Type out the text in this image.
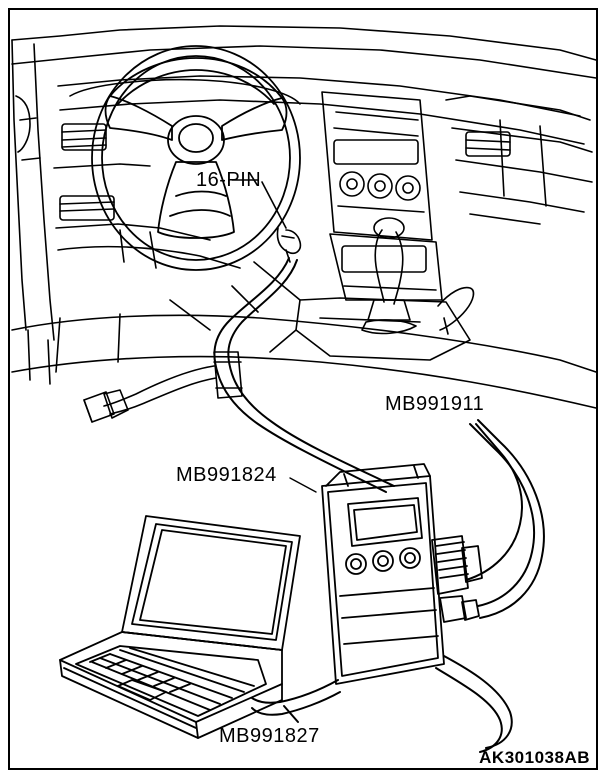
16-PIN
MB991911
MB991824
MB991827
AK301038AB
